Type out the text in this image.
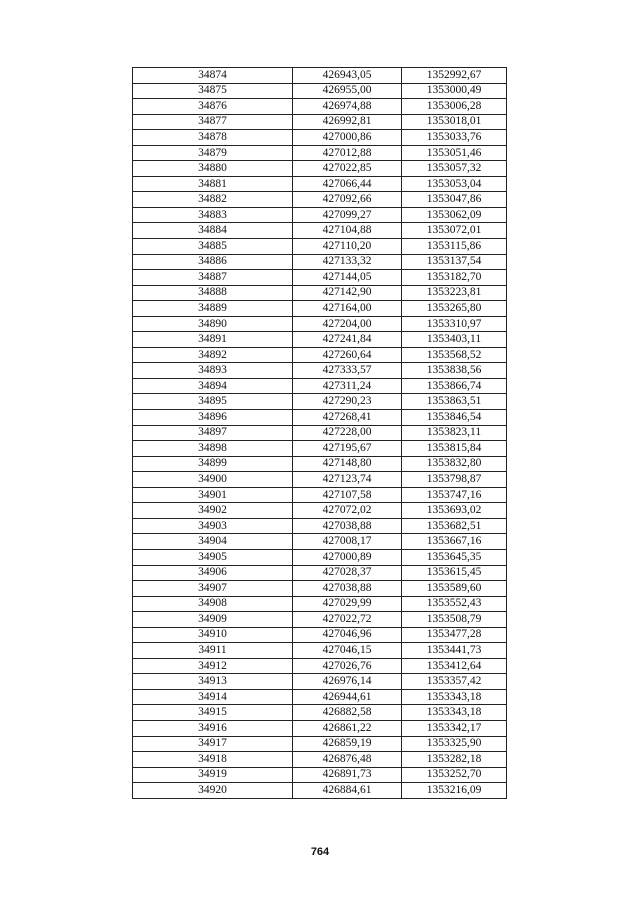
34874	426943,05	1352992,67
34875	426955,00	1353000,49
34876	426974,88	1353006,28
34877	426992,81	1353018,01
34878	427000,86	1353033,76
34879	427012,88	1353051,46
34880	427022,85	1353057,32
34881	427066,44	1353053,04
34882	427092,66	1353047,86
34883	427099,27	1353062,09
34884	427104,88	1353072,01
34885	427110,20	1353115,86
34886	427133,32	1353137,54
34887	427144,05	1353182,70
34888	427142,90	1353223,81
34889	427164,00	1353265,80
34890	427204,00	1353310,97
34891	427241,84	1353403,11
34892	427260,64	1353568,52
34893	427333,57	1353838,56
34894	427311,24	1353866,74
34895	427290,23	1353863,51
34896	427268,41	1353846,54
34897	427228,00	1353823,11
34898	427195,67	1353815,84
34899	427148,80	1353832,80
34900	427123,74	1353798,87
34901	427107,58	1353747,16
34902	427072,02	1353693,02
34903	427038,88	1353682,51
34904	427008,17	1353667,16
34905	427000,89	1353645,35
34906	427028,37	1353615,45
34907	427038,88	1353589,60
34908	427029,99	1353552,43
34909	427022,72	1353508,79
34910	427046,96	1353477,28
34911	427046,15	1353441,73
34912	427026,76	1353412,64
34913	426976,14	1353357,42
34914	426944,61	1353343,18
34915	426882,58	1353343,18
34916	426861,22	1353342,17
34917	426859,19	1353325,90
34918	426876,48	1353282,18
34919	426891,73	1353252,70
34920	426884,61	1353216,09
764
